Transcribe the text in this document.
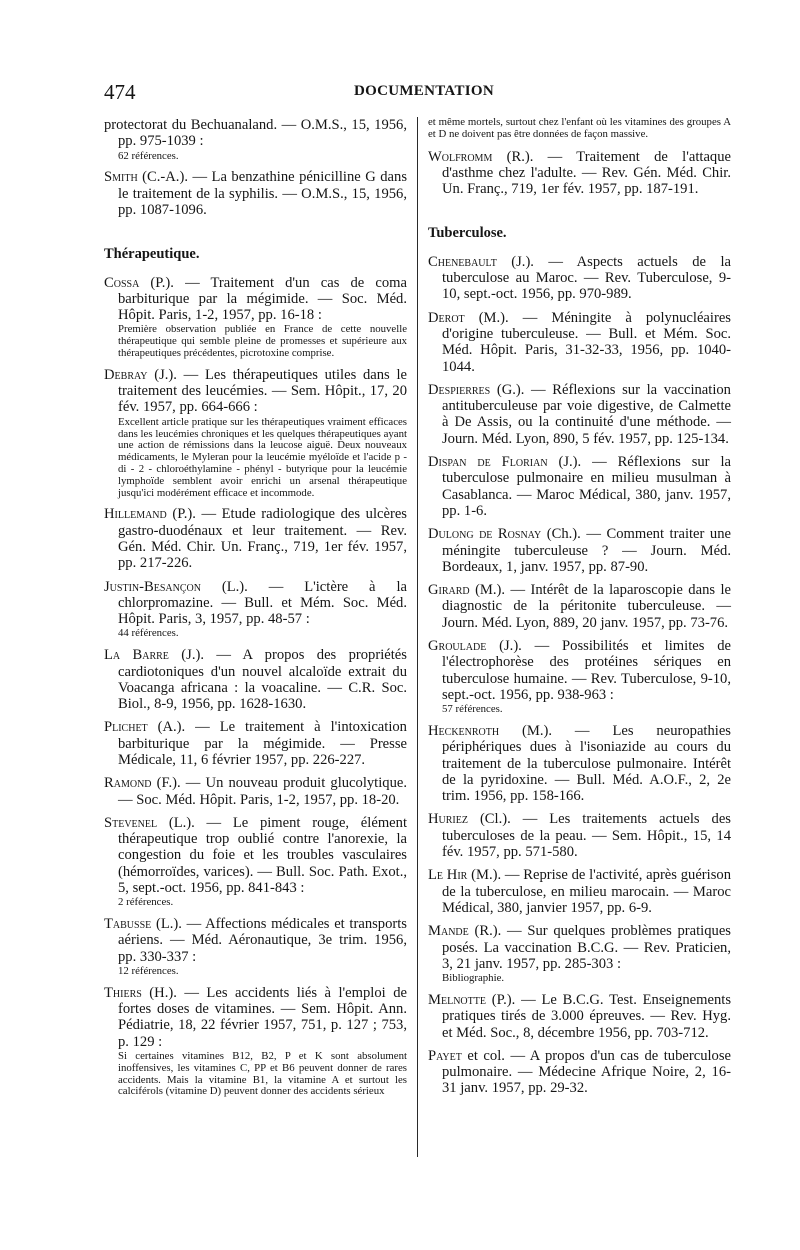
474	DOCUMENTATION
protectorat du Bechuanaland. — O.M.S., 15, 1956, pp. 975-1039 :
62 références.
Smith (C.-A.). — La benzathine pénicilline G dans le traitement de la syphilis. — O.M.S., 15, 1956, pp. 1087-1096.
Thérapeutique.
Cossa (P.). — Traitement d'un cas de coma barbiturique par la mégimide. — Soc. Méd. Hôpit. Paris, 1-2, 1957, pp. 16-18 :
Première observation publiée en France de cette nouvelle thérapeutique qui semble pleine de promesses et supérieure aux thérapeutiques précédentes, picrotoxine comprise.
Debray (J.). — Les thérapeutiques utiles dans le traitement des leucémies. — Sem. Hôpit., 17, 20 fév. 1957, pp. 664-666 :
Excellent article pratique sur les thérapeutiques vraiment efficaces dans les leucémies chroniques et les quelques thérapeutiques ayant une action de rémissions dans la leucose aiguë. Deux nouveaux médicaments, le Myleran pour la leucémie myéloïde et l'acide p - di - 2 - chloroéthylamine - phényl - butyrique pour la leucémie lymphoïde semblent avoir enrichi un arsenal thérapeutique jusqu'ici modérément efficace et incommode.
Hillemand (P.). — Etude radiologique des ulcères gastro-duodénaux et leur traitement. — Rev. Gén. Méd. Chir. Un. Franç., 719, 1er fév. 1957, pp. 217-226.
Justin-Besançon (L.). — L'ictère à la chlorpromazine. — Bull. et Mém. Soc. Méd. Hôpit. Paris, 3, 1957, pp. 48-57 :
44 références.
La Barre (J.). — A propos des propriétés cardiotoniques d'un nouvel alcaloïde extrait du Voacanga africana : la voacaline. — C.R. Soc. Biol., 8-9, 1956, pp. 1628-1630.
Plichet (A.). — Le traitement à l'intoxication barbiturique par la mégimide. — Presse Médicale, 11, 6 février 1957, pp. 226-227.
Ramond (F.). — Un nouveau produit glucolytique. — Soc. Méd. Hôpit. Paris, 1-2, 1957, pp. 18-20.
Stevenel (L.). — Le piment rouge, élément thérapeutique trop oublié contre l'anorexie, la congestion du foie et les troubles vasculaires (hémorroïdes, varices). — Bull. Soc. Path. Exot., 5, sept.-oct. 1956, pp. 841-843 :
2 références.
Tabusse (L.). — Affections médicales et transports aériens. — Méd. Aéronautique, 3e trim. 1956, pp. 330-337 :
12 références.
Thiers (H.). — Les accidents liés à l'emploi de fortes doses de vitamines. — Sem. Hôpit. Ann. Pédiatrie, 18, 22 février 1957, 751, p. 127 ; 753, p. 129 :
Si certaines vitamines B12, B2, P et K sont absolument inoffensives, les vitamines C, PP et B6 peuvent donner de rares accidents. Mais la vitamine B1, la vitamine A et surtout les calciférols (vitamine D) peuvent donner des accidents sérieux
et même mortels, surtout chez l'enfant où les vitamines des groupes A et D ne doivent pas être données de façon massive.
Wolfromm (R.). — Traitement de l'attaque d'asthme chez l'adulte. — Rev. Gén. Méd. Chir. Un. Franç., 719, 1er fév. 1957, pp. 187-191.
Tuberculose.
Chenebault (J.). — Aspects actuels de la tuberculose au Maroc. — Rev. Tuberculose, 9-10, sept.-oct. 1956, pp. 970-989.
Derot (M.). — Méningite à polynucléaires d'origine tuberculeuse. — Bull. et Mém. Soc. Méd. Hôpit. Paris, 31-32-33, 1956, pp. 1040-1044.
Despierres (G.). — Réflexions sur la vaccination antituberculeuse par voie digestive, de Calmette à De Assis, ou la continuité d'une méthode. — Journ. Méd. Lyon, 890, 5 fév. 1957, pp. 125-134.
Dispan de Florian (J.). — Réflexions sur la tuberculose pulmonaire en milieu musulman à Casablanca. — Maroc Médical, 380, janv. 1957, pp. 1-6.
Dulong de Rosnay (Ch.). — Comment traiter une méningite tuberculeuse ? — Journ. Méd. Bordeaux, 1, janv. 1957, pp. 87-90.
Girard (M.). — Intérêt de la laparoscopie dans le diagnostic de la péritonite tuberculeuse. — Journ. Méd. Lyon, 889, 20 janv. 1957, pp. 73-76.
Groulade (J.). — Possibilités et limites de l'électrophorèse des protéines sériques en tuberculose humaine. — Rev. Tuberculose, 9-10, sept.-oct. 1956, pp. 938-963 :
57 références.
Heckenroth (M.). — Les neuropathies périphériques dues à l'isoniazide au cours du traitement de la tuberculose pulmonaire. Intérêt de la pyridoxine. — Bull. Méd. A.O.F., 2, 2e trim. 1956, pp. 158-166.
Huriez (Cl.). — Les traitements actuels des tuberculoses de la peau. — Sem. Hôpit., 15, 14 fév. 1957, pp. 571-580.
Le Hir (M.). — Reprise de l'activité, après guérison de la tuberculose, en milieu marocain. — Maroc Médical, 380, janvier 1957, pp. 6-9.
Mande (R.). — Sur quelques problèmes pratiques posés. La vaccination B.C.G. — Rev. Praticien, 3, 21 janv. 1957, pp. 285-303 :
Bibliographie.
Melnotte (P.). — Le B.C.G. Test. Enseignements pratiques tirés de 3.000 épreuves. — Rev. Hyg. et Méd. Soc., 8, décembre 1956, pp. 703-712.
Payet et col. — A propos d'un cas de tuberculose pulmonaire. — Médecine Afrique Noire, 2, 16-31 janv. 1957, pp. 29-32.
